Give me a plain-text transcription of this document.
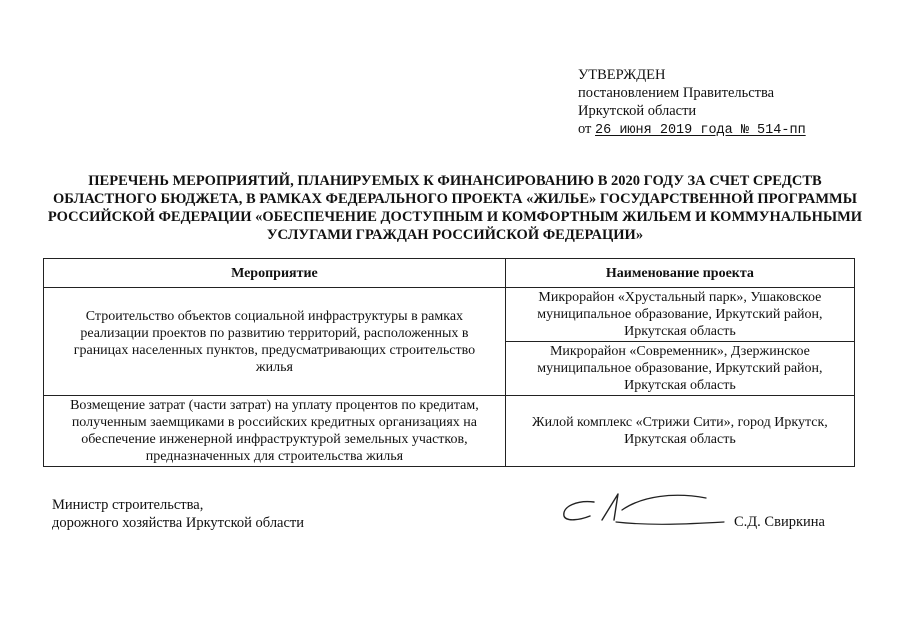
УТВЕРЖДЕН
постановлением Правительства
Иркутской области
от 26 июня 2019 года № 514-пп
ПЕРЕЧЕНЬ МЕРОПРИЯТИЙ, ПЛАНИРУЕМЫХ К ФИНАНСИРОВАНИЮ В 2020 ГОДУ ЗА СЧЕТ СРЕДСТВ ОБЛАСТНОГО БЮДЖЕТА, В РАМКАХ ФЕДЕРАЛЬНОГО ПРОЕКТА «ЖИЛЬЕ» ГОСУДАРСТВЕННОЙ ПРОГРАММЫ РОССИЙСКОЙ ФЕДЕРАЦИИ «ОБЕСПЕЧЕНИЕ ДОСТУПНЫМ И КОМФОРТНЫМ ЖИЛЬЕМ И КОММУНАЛЬНЫМИ УСЛУГАМИ ГРАЖДАН РОССИЙСКОЙ ФЕДЕРАЦИИ»
Мероприятие	Наименование проекта
Строительство объектов социальной инфраструктуры в рамках реализации проектов по развитию территорий, расположенных в границах населенных пунктов, предусматривающих строительство жилья	Микрорайон «Хрустальный парк», Ушаковское муниципальное образование, Иркутский район, Иркутская область
	Микрорайон «Современник», Дзержинское муниципальное образование, Иркутский район, Иркутская область
Возмещение затрат (части затрат) на уплату процентов по кредитам, полученным заемщиками в российских кредитных организациях на обеспечение инженерной инфраструктурой земельных участков, предназначенных для строительства жилья	Жилой комплекс «Стрижи Сити», город Иркутск, Иркутская область
Министр строительства,
дорожного хозяйства Иркутской области	С.Д. Свиркина
